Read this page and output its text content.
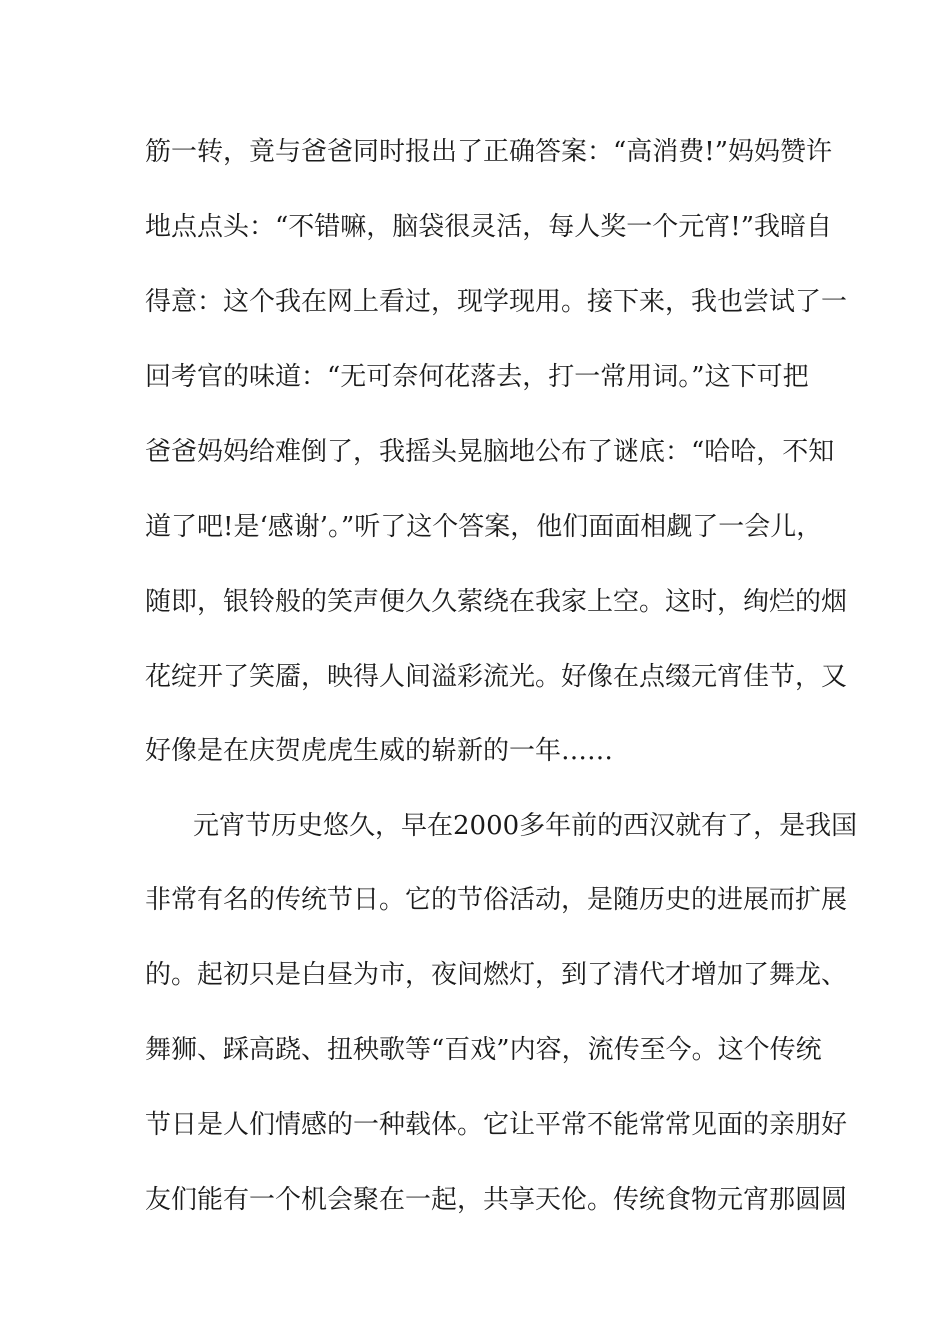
筋一转，竟与爸爸同时报出了正确答案：“高消费!”妈妈赞许
地点点头：“不错嘛，脑袋很灵活，每人奖一个元宵!”我暗自
得意：这个我在网上看过，现学现用。接下来，我也尝试了一
回考官的味道：“无可奈何花落去，打一常用词。”这下可把
爸爸妈妈给难倒了，我摇头晃脑地公布了谜底：“哈哈，不知
道了吧!是‘感谢’。”听了这个答案，他们面面相觑了一会儿，
随即，银铃般的笑声便久久萦绕在我家上空。这时，绚烂的烟
花绽开了笑靥，映得人间溢彩流光。好像在点缀元宵佳节，又
好像是在庆贺虎虎生威的崭新的一年……
元宵节历史悠久，早在2000多年前的西汉就有了，是我国
非常有名的传统节日。它的节俗活动，是随历史的进展而扩展
的。起初只是白昼为市，夜间燃灯，到了清代才增加了舞龙、
舞狮、踩高跷、扭秧歌等“百戏”内容，流传至今。这个传统
节日是人们情感的一种载体。它让平常不能常常见面的亲朋好
友们能有一个机会聚在一起，共享天伦。传统食物元宵那圆圆
